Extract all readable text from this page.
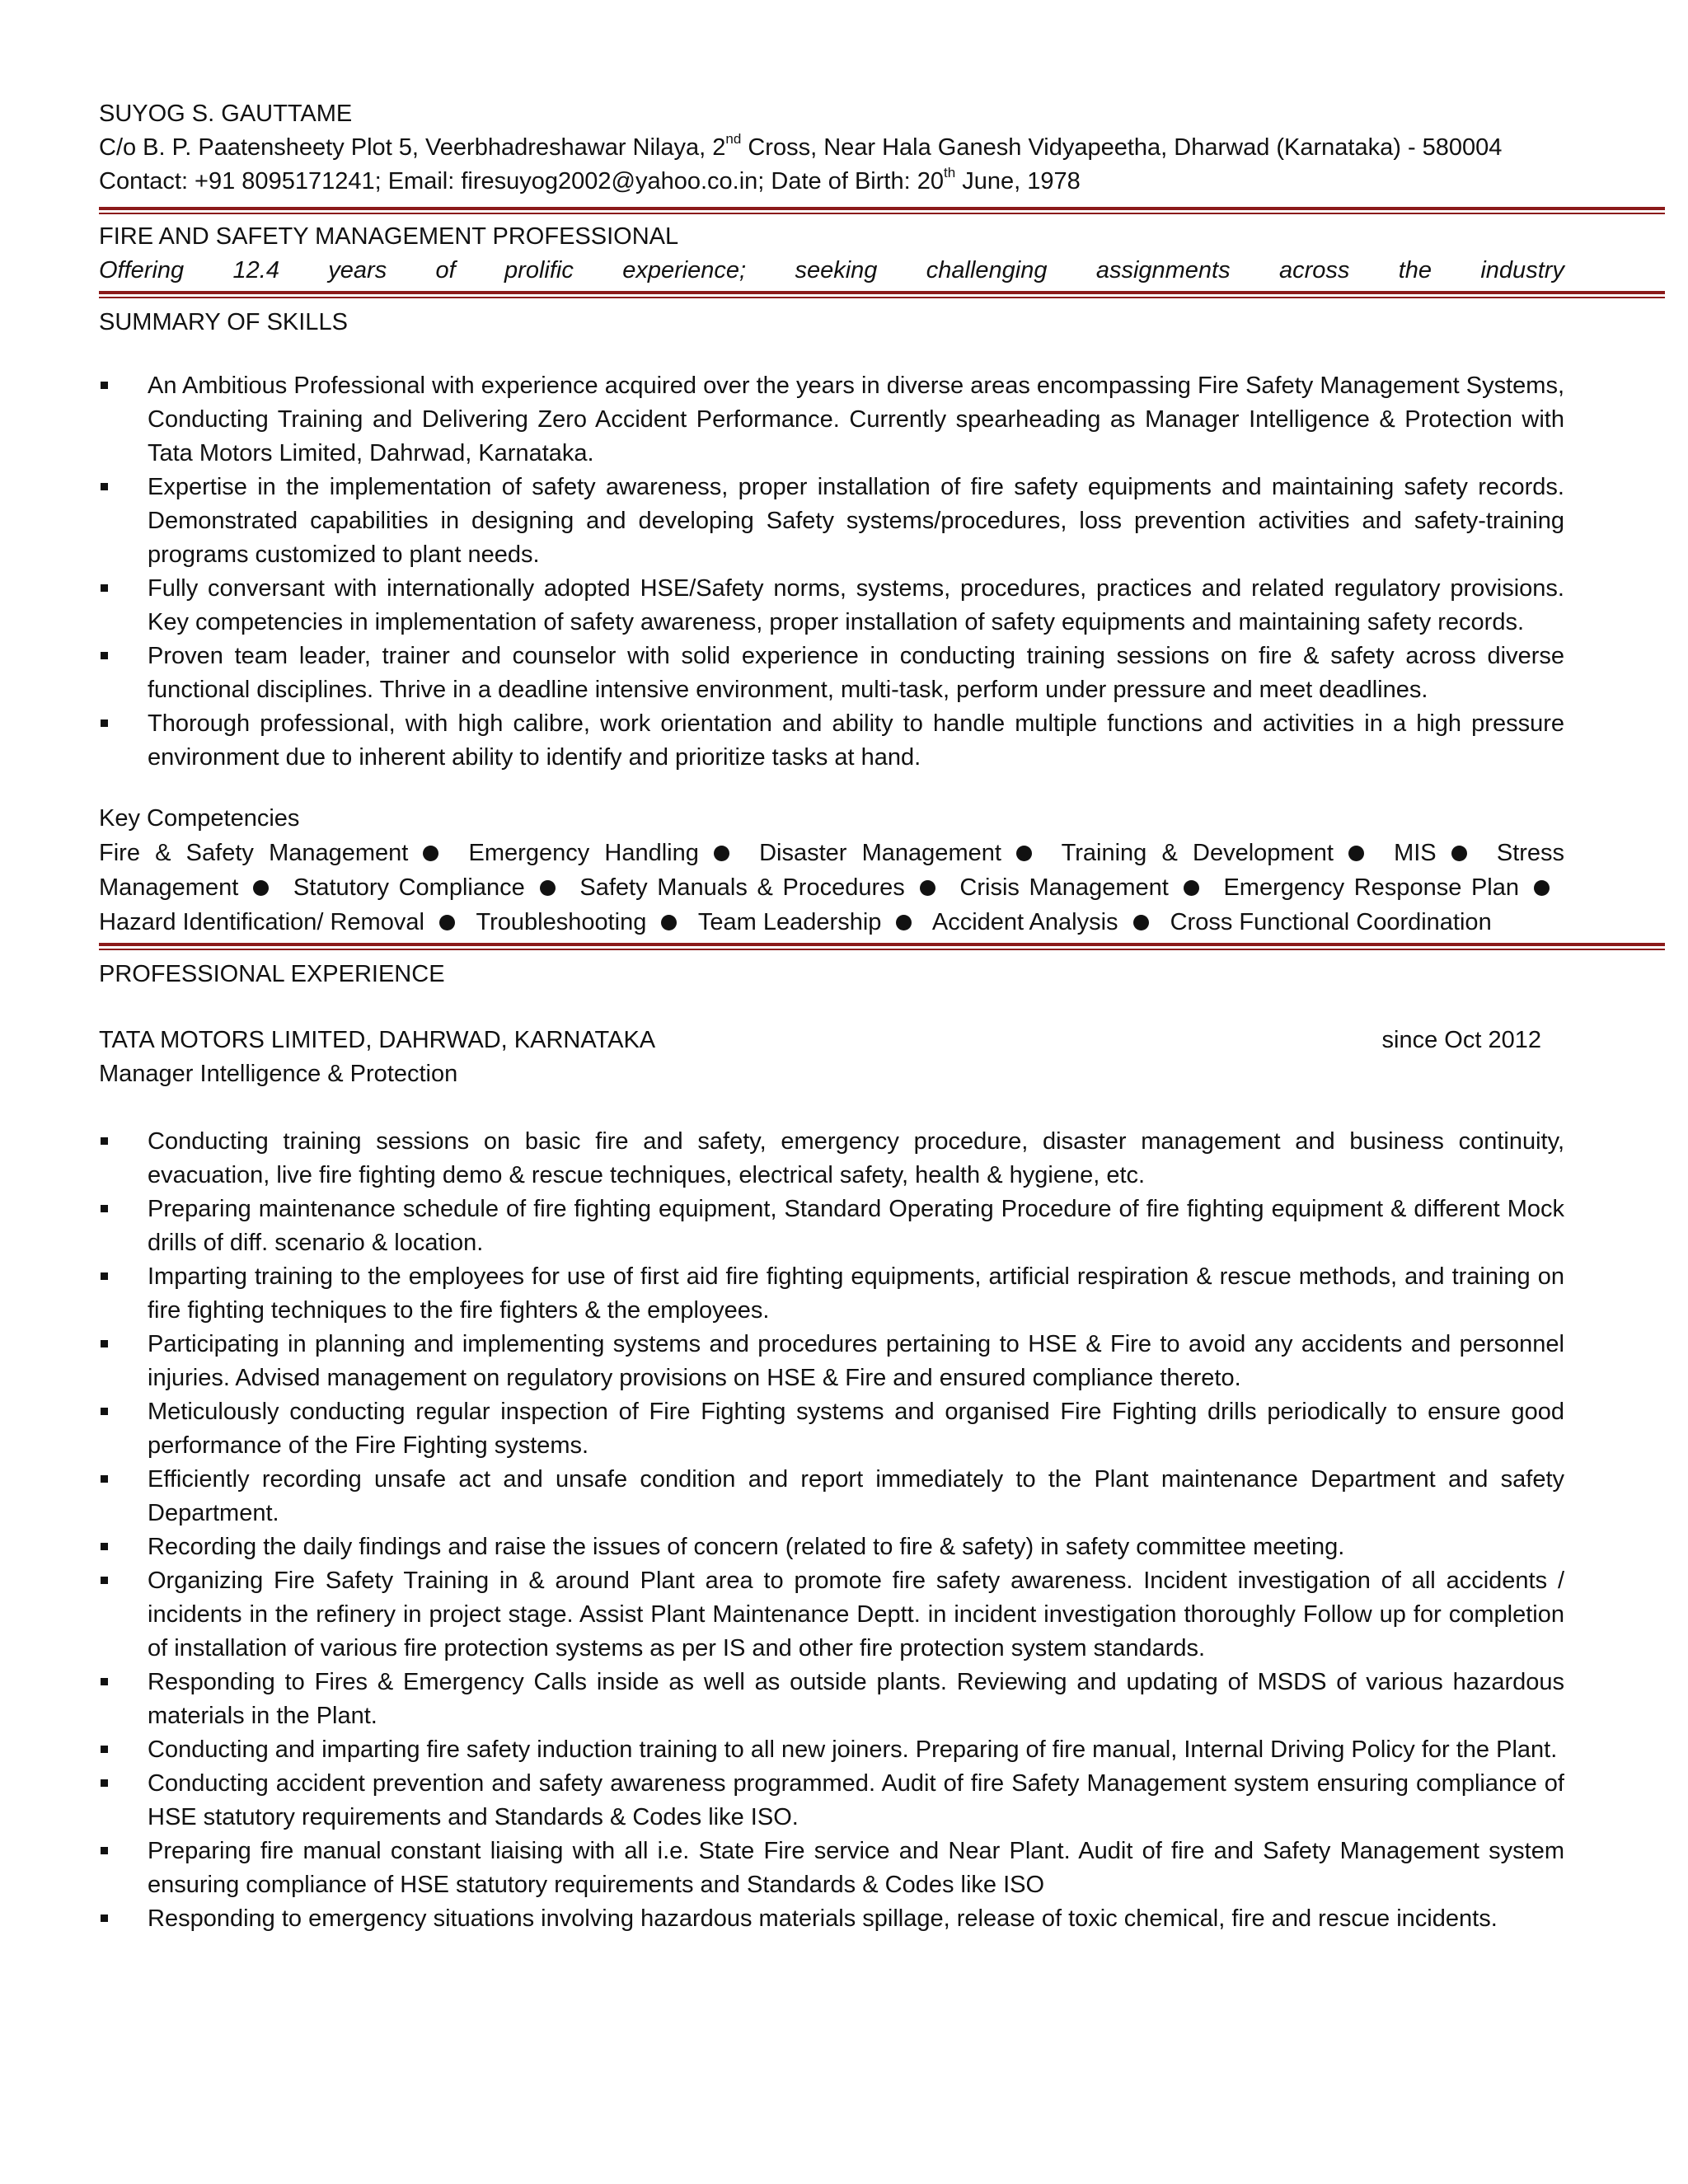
SUYOG S. GAUTTAME
C/o B. P. Paatensheety Plot 5, Veerbhadreshawar Nilaya, 2nd Cross, Near Hala Ganesh Vidyapeetha, Dharwad (Karnataka) - 580004
Contact: +91 8095171241; Email: firesuyog2002@yahoo.co.in; Date of Birth: 20th June, 1978
FIRE AND SAFETY MANAGEMENT PROFESSIONAL
Offering 12.4 years of prolific experience; seeking challenging assignments across the industry
SUMMARY OF SKILLS
An Ambitious Professional with experience acquired over the years in diverse areas encompassing Fire Safety Management Systems, Conducting Training and Delivering Zero Accident Performance. Currently spearheading as Manager Intelligence & Protection with Tata Motors Limited, Dahrwad, Karnataka.
Expertise in the implementation of safety awareness, proper installation of fire safety equipments and maintaining safety records. Demonstrated capabilities in designing and developing Safety systems/procedures, loss prevention activities and safety-training programs customized to plant needs.
Fully conversant with internationally adopted HSE/Safety norms, systems, procedures, practices and related regulatory provisions. Key competencies in implementation of safety awareness, proper installation of safety equipments and maintaining safety records.
Proven team leader, trainer and counselor with solid experience in conducting training sessions on fire & safety across diverse functional disciplines. Thrive in a deadline intensive environment, multi-task, perform under pressure and meet deadlines.
Thorough professional, with high calibre, work orientation and ability to handle multiple functions and activities in a high pressure environment due to inherent ability to identify and prioritize tasks at hand.
Key Competencies
Fire & Safety Management	Emergency Handling	Disaster Management	Training & Development	MIS	Stress Management Statutory Compliance Safety Manuals & Procedures Crisis Management Emergency Response Plan Hazard Identification/ Removal Troubleshooting Team Leadership Accident Analysis Cross Functional Coordination
PROFESSIONAL EXPERIENCE
TATA MOTORS LIMITED, DAHRWAD, KARNATAKA	since Oct 2012
Manager Intelligence & Protection
Conducting training sessions on basic fire and safety, emergency procedure, disaster management and business continuity, evacuation, live fire fighting demo & rescue techniques, electrical safety, health & hygiene, etc.
Preparing maintenance schedule of fire fighting equipment, Standard Operating Procedure of fire fighting equipment & different Mock drills of diff. scenario & location.
Imparting training to the employees for use of first aid fire fighting equipments, artificial respiration & rescue methods, and training on fire fighting techniques to the fire fighters & the employees.
Participating in planning and implementing systems and procedures pertaining to HSE & Fire to avoid any accidents and personnel injuries. Advised management on regulatory provisions on HSE & Fire and ensured compliance thereto.
Meticulously conducting regular inspection of Fire Fighting systems and organised Fire Fighting drills periodically to ensure good performance of the Fire Fighting systems.
Efficiently recording unsafe act and unsafe condition and report immediately to the Plant maintenance Department and safety Department.
Recording the daily findings and raise the issues of concern (related to fire & safety) in safety committee meeting.
Organizing Fire Safety Training in & around Plant area to promote fire safety awareness. Incident investigation of all accidents / incidents in the refinery in project stage. Assist Plant Maintenance Deptt. in incident investigation thoroughly Follow up for completion of installation of various fire protection systems as per IS and other fire protection system standards.
Responding to Fires & Emergency Calls inside as well as outside plants. Reviewing and updating of MSDS of various hazardous materials in the Plant.
Conducting and imparting fire safety induction training to all new joiners. Preparing of fire manual, Internal Driving Policy for the Plant.
Conducting accident prevention and safety awareness programmed. Audit of fire Safety Management system ensuring compliance of HSE statutory requirements and Standards & Codes like ISO.
Preparing fire manual constant liaising with all i.e. State Fire service and Near Plant. Audit of fire and Safety Management system ensuring compliance of HSE statutory requirements and Standards & Codes like ISO
Responding to emergency situations involving hazardous materials spillage, release of toxic chemical, fire and rescue incidents.
